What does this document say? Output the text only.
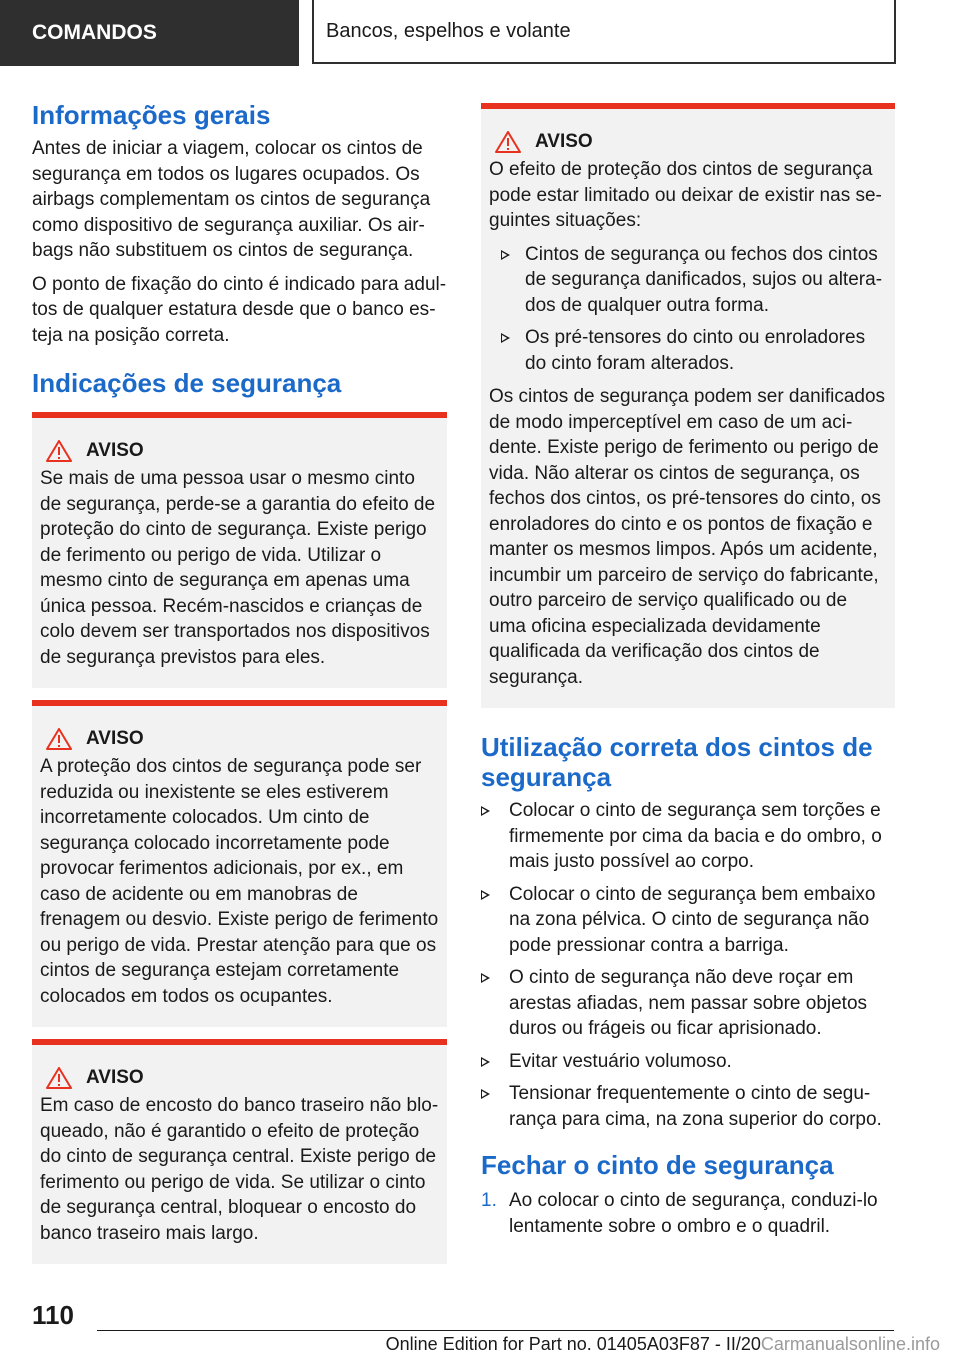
COMANDOS	Bancos, espelhos e volante
Informações gerais

Antes de iniciar a viagem, colocar os cintos de segurança em todos os lugares ocupados. Os airbags complementam os cintos de segurança como dispositivo de segurança auxiliar. Os airbags não substituem os cintos de segurança.

O ponto de fixação do cinto é indicado para adultos de qualquer estatura desde que o banco esteja na posição correta.

Indicações de segurança
AVISO

Se mais de uma pessoa usar o mesmo cinto de segurança, perde-se a garantia do efeito de proteção do cinto de segurança. Existe perigo de ferimento ou perigo de vida. Utilizar o mesmo cinto de segurança em apenas uma única pessoa. Recém-nascidos e crianças de colo devem ser transportados nos dispositivos de segurança previstos para eles.

AVISO

A proteção dos cintos de segurança pode ser reduzida ou inexistente se eles estiverem incorretamente colocados. Um cinto de segurança colocado incorretamente pode provocar ferimentos adicionais, por ex., em caso de acidente ou em manobras de frenagem ou desvio. Existe perigo de ferimento ou perigo de vida. Prestar atenção para que os cintos de segurança estejam corretamente colocados em todos os ocupantes.

AVISO

Em caso de encosto do banco traseiro não bloqueado, não é garantido o efeito de proteção do cinto de segurança central. Existe perigo de ferimento ou perigo de vida. Se utilizar o cinto de segurança central, bloquear o encosto do banco traseiro mais largo.

AVISO

O efeito de proteção dos cintos de segurança pode estar limitado ou deixar de existir nas seguintes situações:

Cintos de segurança ou fechos dos cintos de segurança danificados, sujos ou alterados de qualquer outra forma.
Os pré-tensores do cinto ou enroladores do cinto foram alterados.

Os cintos de segurança podem ser danificados de modo imperceptível em caso de um acidente. Existe perigo de ferimento ou perigo de vida. Não alterar os cintos de segurança, os fechos dos cintos, os pré-tensores do cinto, os enroladores do cinto e os pontos de fixação e manter os mesmos limpos. Após um acidente, incumbir um parceiro de serviço do fabricante, outro parceiro de serviço qualificado ou de uma oficina especializada devidamente qualificada da verificação dos cintos de segurança.

Utilização correta dos cintos de segurança
Colocar o cinto de segurança sem torções e firmemente por cima da bacia e do ombro, o mais justo possível ao corpo.
Colocar o cinto de segurança bem embaixo na zona pélvica. O cinto de segurança não pode pressionar contra a barriga.
O cinto de segurança não deve roçar em arestas afiadas, nem passar sobre objetos duros ou frágeis ou ficar aprisionado.
Evitar vestuário volumoso.
Tensionar frequentemente o cinto de segurança para cima, na zona superior do corpo.
Fechar o cinto de segurança
1. Ao colocar o cinto de segurança, conduzi-lo lentamente sobre o ombro e o quadril.
110
Online Edition for Part no. 01405A03F87 - II/20Carmanualsonline.info
